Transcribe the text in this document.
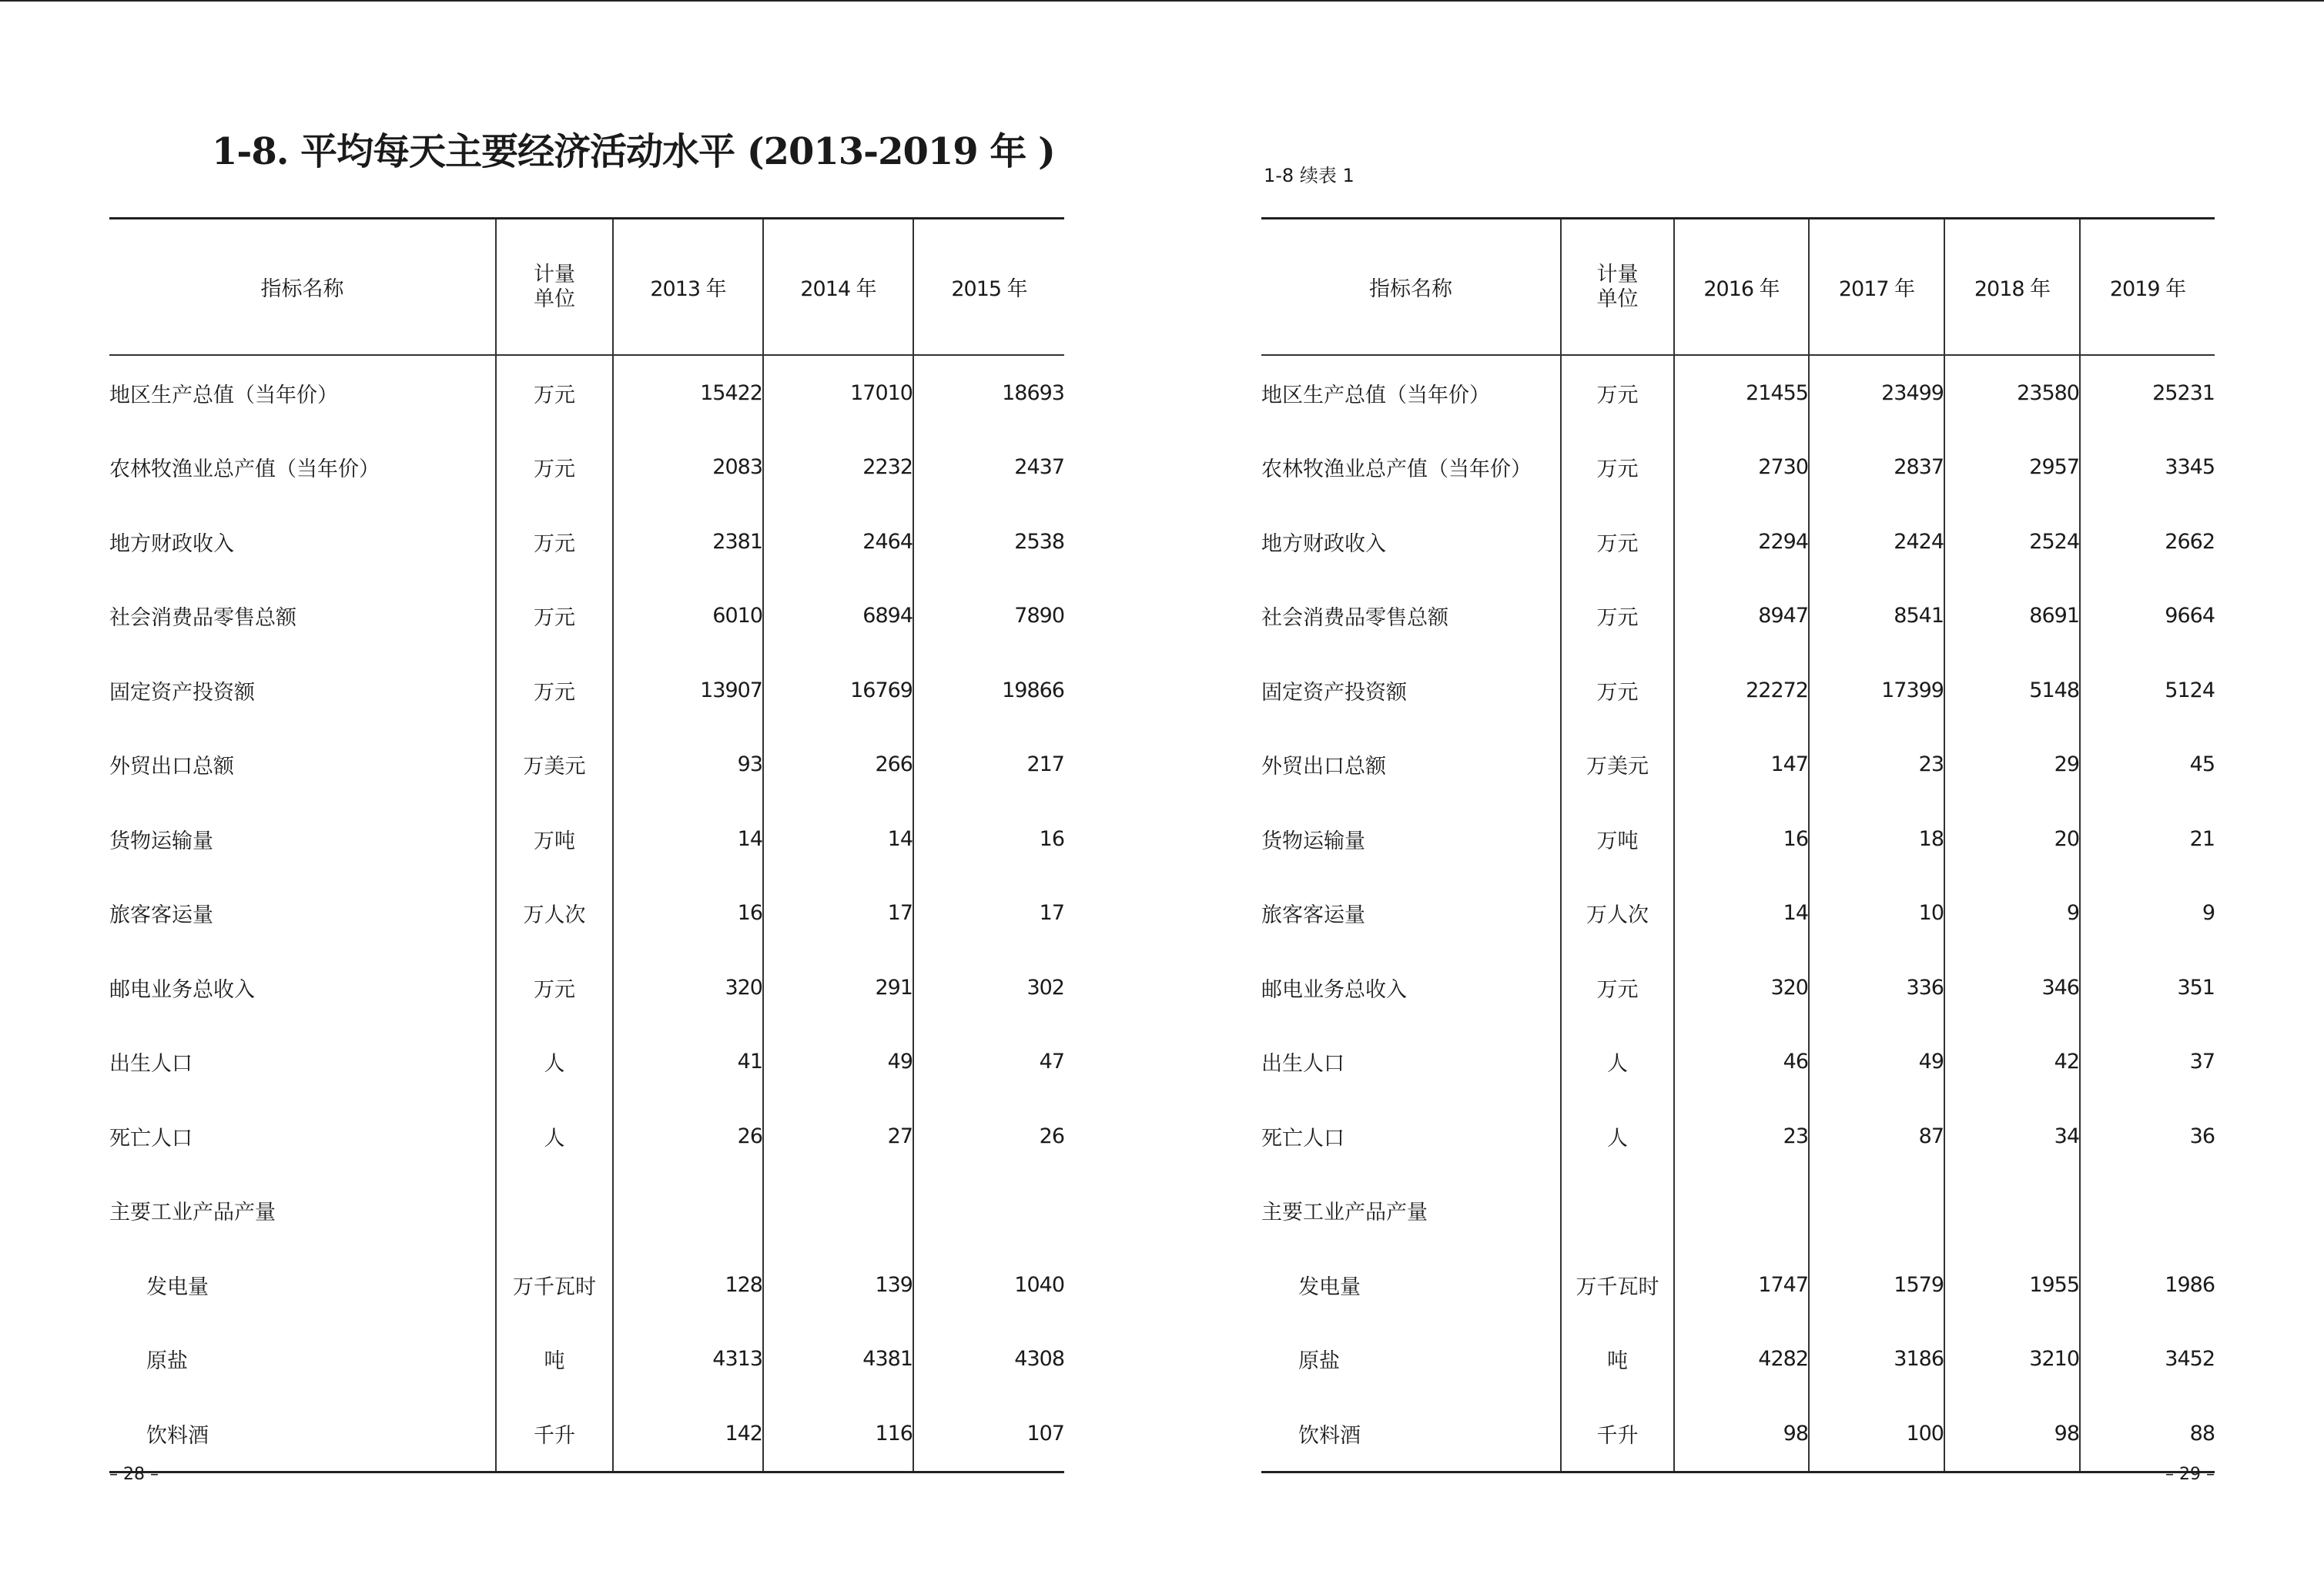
1-8. 平均每天主要经济活动水平 (2013-2019 年 )
1-8 续表 1
指标名称	计量
单位	2013 年	2014 年	2015 年
地区生产总值（当年价）	万元	15422	17010	18693
农林牧渔业总产值（当年价）	万元	2083	2232	2437
地方财政收入	万元	2381	2464	2538
社会消费品零售总额	万元	6010	6894	7890
固定资产投资额	万元	13907	16769	19866
外贸出口总额	万美元	93	266	217
货物运输量	万吨	14	14	16
旅客客运量	万人次	16	17	17
邮电业务总收入	万元	320	291	302
出生人口	人	41	49	47
死亡人口	人	26	27	26
主要工业产品产量				
发电量	万千瓦时	128	139	1040
原盐	吨	4313	4381	4308
饮料酒	千升	142	116	107
指标名称	计量
单位	2016 年	2017 年	2018 年	2019 年
地区生产总值（当年价）	万元	21455	23499	23580	25231
农林牧渔业总产值（当年价）	万元	2730	2837	2957	3345
地方财政收入	万元	2294	2424	2524	2662
社会消费品零售总额	万元	8947	8541	8691	9664
固定资产投资额	万元	22272	17399	5148	5124
外贸出口总额	万美元	147	23	29	45
货物运输量	万吨	16	18	20	21
旅客客运量	万人次	14	10	9	9
邮电业务总收入	万元	320	336	346	351
出生人口	人	46	49	42	37
死亡人口	人	23	87	34	36
主要工业产品产量					
发电量	万千瓦时	1747	1579	1955	1986
原盐	吨	4282	3186	3210	3452
饮料酒	千升	98	100	98	88
– 28 –	– 29 –
